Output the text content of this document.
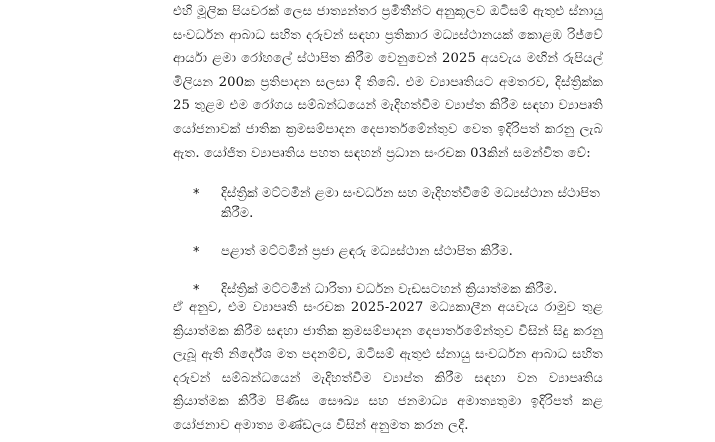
එහි මූලික පියවරක් ලෙස ජාත්‍යන්තර ප්‍රමිතීන්ට අනුකූලව ඔටිසම් ඇතුළු ස්නායු සංවර්ධන ආබාධ සහිත දරුවන් සඳහා ප්‍රතිකාර මධ්‍යස්ථානයක් කොළඹ රිජ්වේ ආර්යා ළමා රෝහලේ ස්ථාපිත කිරීම වෙනුවෙන් 2025 අයවැය මඟින් රුපියල් මිලියන 200ක ප්‍රතිපාදන සලසා දී තිබේ. එම ව්‍යාපෘතියට අමතරව, දිස්ත්‍රික්ක 25 තුළම එම රෝගය සම්බන්ධයෙන් මැදිහත්වීම ව්‍යාප්ත කිරීම සඳහා ව්‍යාපෘති යෝජනාවක් ජාතික ක්‍රමසම්පාදන දෙපාර්තමේන්තුව වෙත ඉදිරිපත් කරනු ලැබ ඇත. යෝජිත ව්‍යාපෘතිය පහත සඳහන් ප්‍රධාන සංරචක 03කින් සමන්විත වේ:

* දිස්ත්‍රික් මට්ටමින් ළමා සංවර්ධන සහ මැදිහත්වීමේ මධ්‍යස්ථාන ස්ථාපිත කිරීම.
* පළාත් මට්ටමින් ප්‍රජා ළඳරු මධ්‍යස්ථාන ස්ථාපිත කිරීම.
* දිස්ත්‍රික් මට්ටමින් ධාරිතා වර්ධන වැඩසටහන් ක්‍රියාත්මක කිරීම.

ඒ අනුව, එම ව්‍යාපෘති සංරචක 2025-2027 මධ්‍යකාලීන අයවැය රාමුව තුළ ක්‍රියාත්මක කිරීම සඳහා ජාතික ක්‍රමසම්පාදන දෙපාර්තමේන්තුව විසින් සිදු කරනු ලැබූ ඇති නිර්දේශ මත පදනම්ව, ඔටිසම් ඇතුළු ස්නායු සංවර්ධන ආබාධ සහිත දරුවන් සම්බන්ධයෙන් මැදිහත්වීම ව්‍යාප්ත කිරීම සඳහා වන ව්‍යාපෘතිය ක්‍රියාත්මක කිරීම පිණිස සෞඛ්‍ය සහ ජනමාධ්‍ය අමාත්‍යතුමා ඉදිරිපත් කළ යෝජනාව අමාත්‍ය මණ්ඩලය විසින් අනුමත කරන ලදී.
